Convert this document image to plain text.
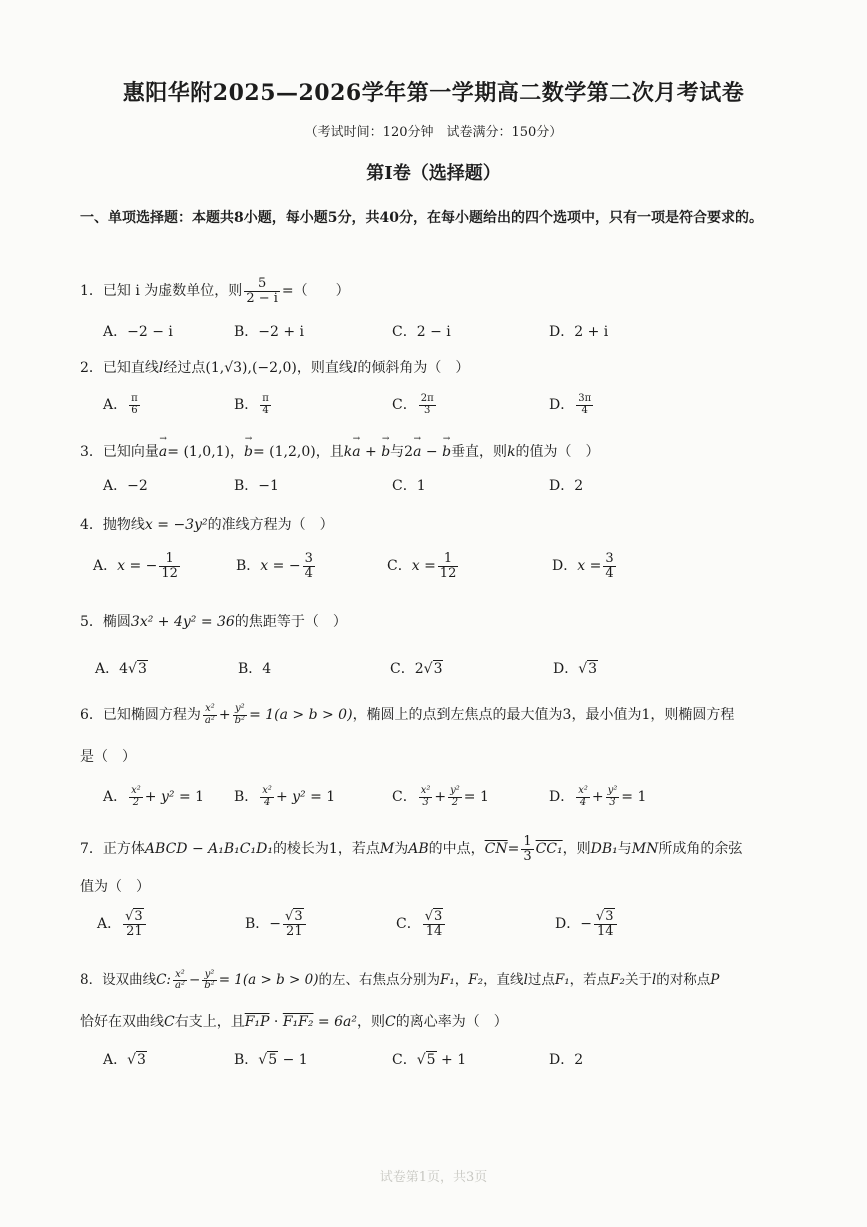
惠阳华附2025—2026学年第一学期高二数学第二次月考试卷
（考试时间：120分钟　试卷满分：150分）
第Ⅰ卷（选择题）
一、单项选择题：本题共8小题，每小题5分，共40分，在每小题给出的四个选项中，只有一项是符合要求的。
1．已知 i 为虚数单位，则 $\frac{5}{2 - i}$ =（　　）
A．−2 − i	B．−2 + i	C．2 − i	D．2 + i
2．已知直线l经过点(1,√3),(−2,0)，则直线l的倾斜角为（　）
A． $\frac{\pi}{6}$	B． $\frac{\pi}{4}$	C． $\frac{2\pi}{3}$	D． $\frac{3\pi}{4}$
3．已知向量→ a= (1,0,1)，→ b= (1,2,0)，且k→ a + → b与2→ a − → b垂直，则k的值为（　）
A．−2	B．−1	C．1	D．2
4．抛物线x = −3y²的准线方程为（　）
A．x = − $\frac{1}{12}$	B．x = − $\frac{3}{4}$	C．$x = \frac{1}{12}$	D．$x = \frac{3}{4}$
5．椭圆3x² + 4y² = 36的焦距等于（　）
A．4√3	B．4	C．2√3	D．√3
6．已知椭圆方程为 $\frac{\text{x²}}{\text{a²}} + \frac{\text{y²}}{\text{b²}} = 1(a > b > 0)$，椭圆上的点到左焦点的最大值为3，最小值为1，则椭圆方程
是（　）
A． $\frac{\text{x²}}{2} + y^2 = 1$ B． $\frac{\text{x²}}{4} + y^2 = 1$	C． $\frac{\text{x²}}{3} + \frac{\text{y²}}{2} = 1$	D． $\frac{\text{x²}}{4} + \frac{\text{y²}}{3} = 1$
7．正方体ABCD − A₁B₁C₁D₁的棱长为1，若点M为AB的中点，$\overline{CN}= \frac{1}{3} CC_1$，则DB₁与MN所成角的余弦
值为（　）
A． $\frac{√3}{21}$	B．− $\frac{√3}{21}$	C． $\frac{√3}{14}$	D．− $\frac{√3}{14}$
8．设双曲线C: $\frac{\text{x²}}{\text{a²}} - \frac{\text{y²}}{\text{b²}} = 1(a > b > 0)$的左、右焦点分别为F₁，F₂，直线l过点F₁，若点F₂关于l的对称点P
恰好在双曲线C右支上，且F₁P · F₁F₂ = 6a²，则C的离心率为（　）
A．√3	B．√5 − 1	C．√5 + 1	D．2
试卷第1页，共3页
